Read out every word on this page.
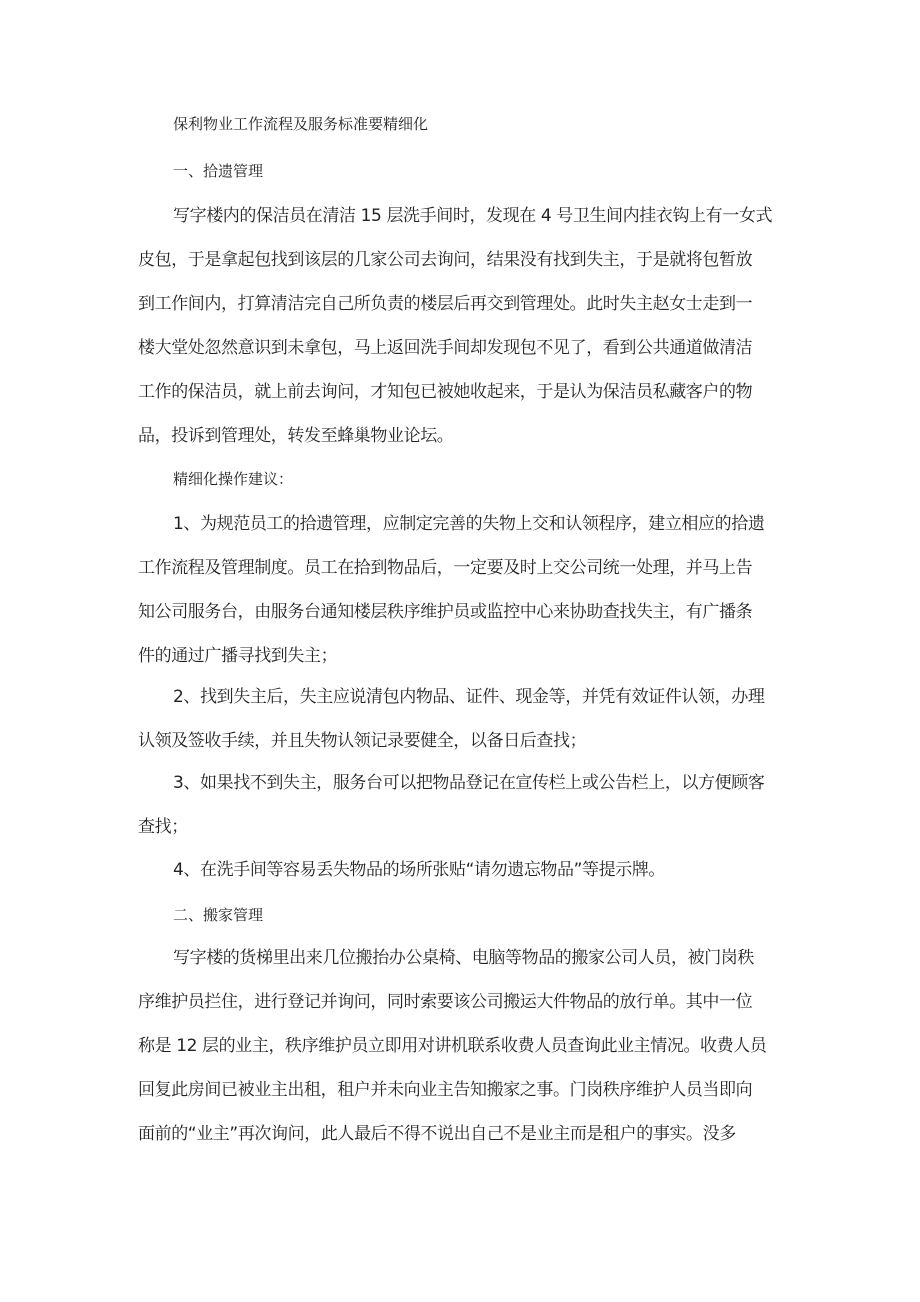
保利物业工作流程及服务标准要精细化
一、拾遗管理
写字楼内的保洁员在清洁 15 层洗手间时，发现在 4 号卫生间内挂衣钩上有一女式
皮包，于是拿起包找到该层的几家公司去询问，结果没有找到失主，于是就将包暂放
到工作间内，打算清洁完自己所负责的楼层后再交到管理处。此时失主赵女士走到一
楼大堂处忽然意识到未拿包，马上返回洗手间却发现包不见了，看到公共通道做清洁
工作的保洁员，就上前去询问，才知包已被她收起来，于是认为保洁员私藏客户的物
品，投诉到管理处，转发至蜂巢物业论坛。
精细化操作建议：
1、为规范员工的拾遗管理，应制定完善的失物上交和认领程序，建立相应的拾遗
工作流程及管理制度。员工在拾到物品后，一定要及时上交公司统一处理，并马上告
知公司服务台，由服务台通知楼层秩序维护员或监控中心来协助查找失主，有广播条
件的通过广播寻找到失主；
2、找到失主后，失主应说清包内物品、证件、现金等，并凭有效证件认领，办理
认领及签收手续，并且失物认领记录要健全，以备日后查找；
3、如果找不到失主，服务台可以把物品登记在宣传栏上或公告栏上，以方便顾客
查找；
4、在洗手间等容易丢失物品的场所张贴“请勿遗忘物品”等提示牌。
二、搬家管理
写字楼的货梯里出来几位搬抬办公桌椅、电脑等物品的搬家公司人员，被门岗秩
序维护员拦住，进行登记并询问，同时索要该公司搬运大件物品的放行单。其中一位
称是 12 层的业主，秩序维护员立即用对讲机联系收费人员查询此业主情况。收费人员
回复此房间已被业主出租，租户并未向业主告知搬家之事。门岗秩序维护人员当即向
面前的“业主”再次询问，此人最后不得不说出自己不是业主而是租户的事实。没多
